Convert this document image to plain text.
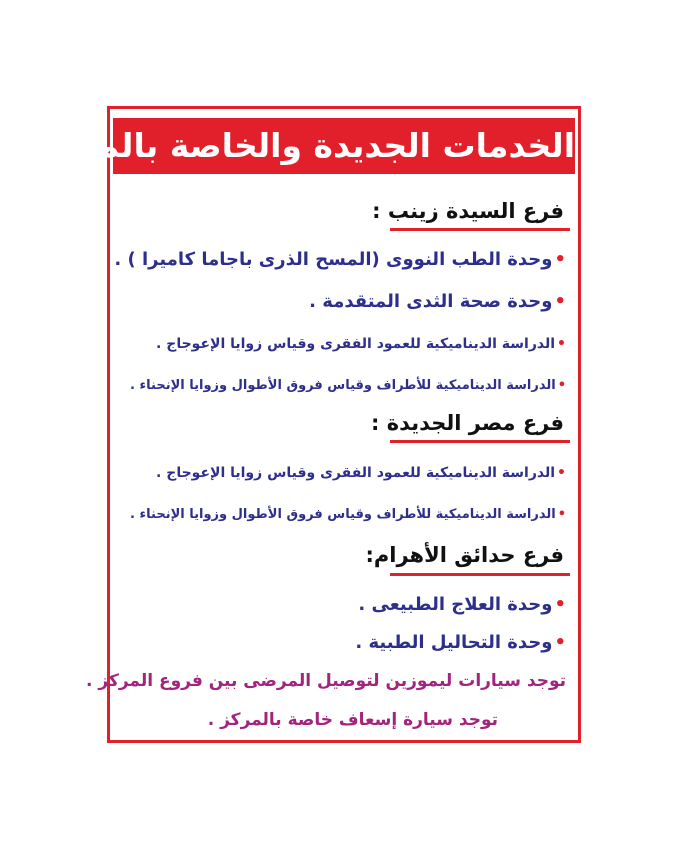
الخدمات الجديدة والخاصة بالمركز :
فرع السيدة زينب :
•وحدة الطب النووى (المسح الذرى باجاما كاميرا ) .
•وحدة صحة الثدى المتقدمة .
•الدراسة الديناميكية للعمود الفقرى وقياس زوايا الإعوجاج .
•الدراسة الديناميكية للأطراف وقياس فروق الأطوال وزوايا الإنحناء .
فرع مصر الجديدة :
•الدراسة الديناميكية للعمود الفقرى وقياس زوايا الإعوجاج .
•الدراسة الديناميكية للأطراف وقياس فروق الأطوال وزوايا الإنحناء .
فرع حدائق الأهرام:
•وحدة العلاج الطبيعى .
•وحدة التحاليل الطبية .
توجد سيارات ليموزين لتوصيل المرضى بين فروع المركز .
توجد سيارة إسعاف خاصة بالمركز .
